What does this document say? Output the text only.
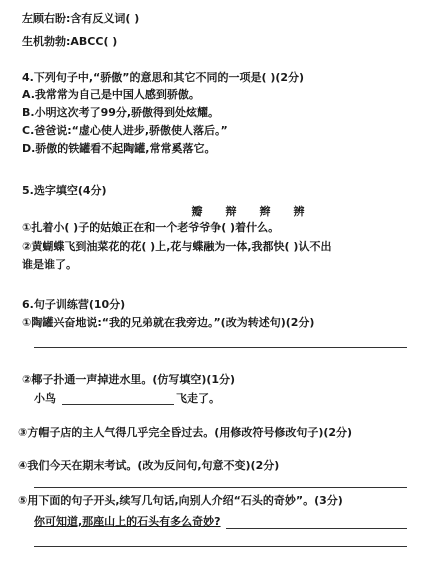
左顾右盼:含有反义词( )
生机勃勃:ABCC( )
4.下列句子中,“骄傲”的意思和其它不同的一项是( )(2分)
A.我常常为自己是中国人感到骄傲。
B.小明这次考了99分,骄傲得到处炫耀。
C.爸爸说:“虚心使人进步,骄傲使人落后。”
D.骄傲的铁罐看不起陶罐,常常奚落它。
5.选字填空(4分)
瓣 辩 辫 辨
①扎着小( )子的姑娘正在和一个老爷爷争( )着什么。
②黄蝴蝶飞到油菜花的花( )上,花与蝶融为一体,我都快( )认不出
谁是谁了。
6.句子训练营(10分)
①陶罐兴奋地说:“我的兄弟就在我旁边。”(改为转述句)(2分)
②椰子扑通一声掉进水里。(仿写填空)(1分)
小鸟	飞走了。
③方帽子店的主人气得几乎完全昏过去。(用修改符号修改句子)(2分)
④我们今天在期末考试。(改为反问句,句意不变)(2分)
⑤用下面的句子开头,续写几句话,向别人介绍“石头的奇妙”。(3分)
你可知道,那座山上的石头有多么奇妙?
